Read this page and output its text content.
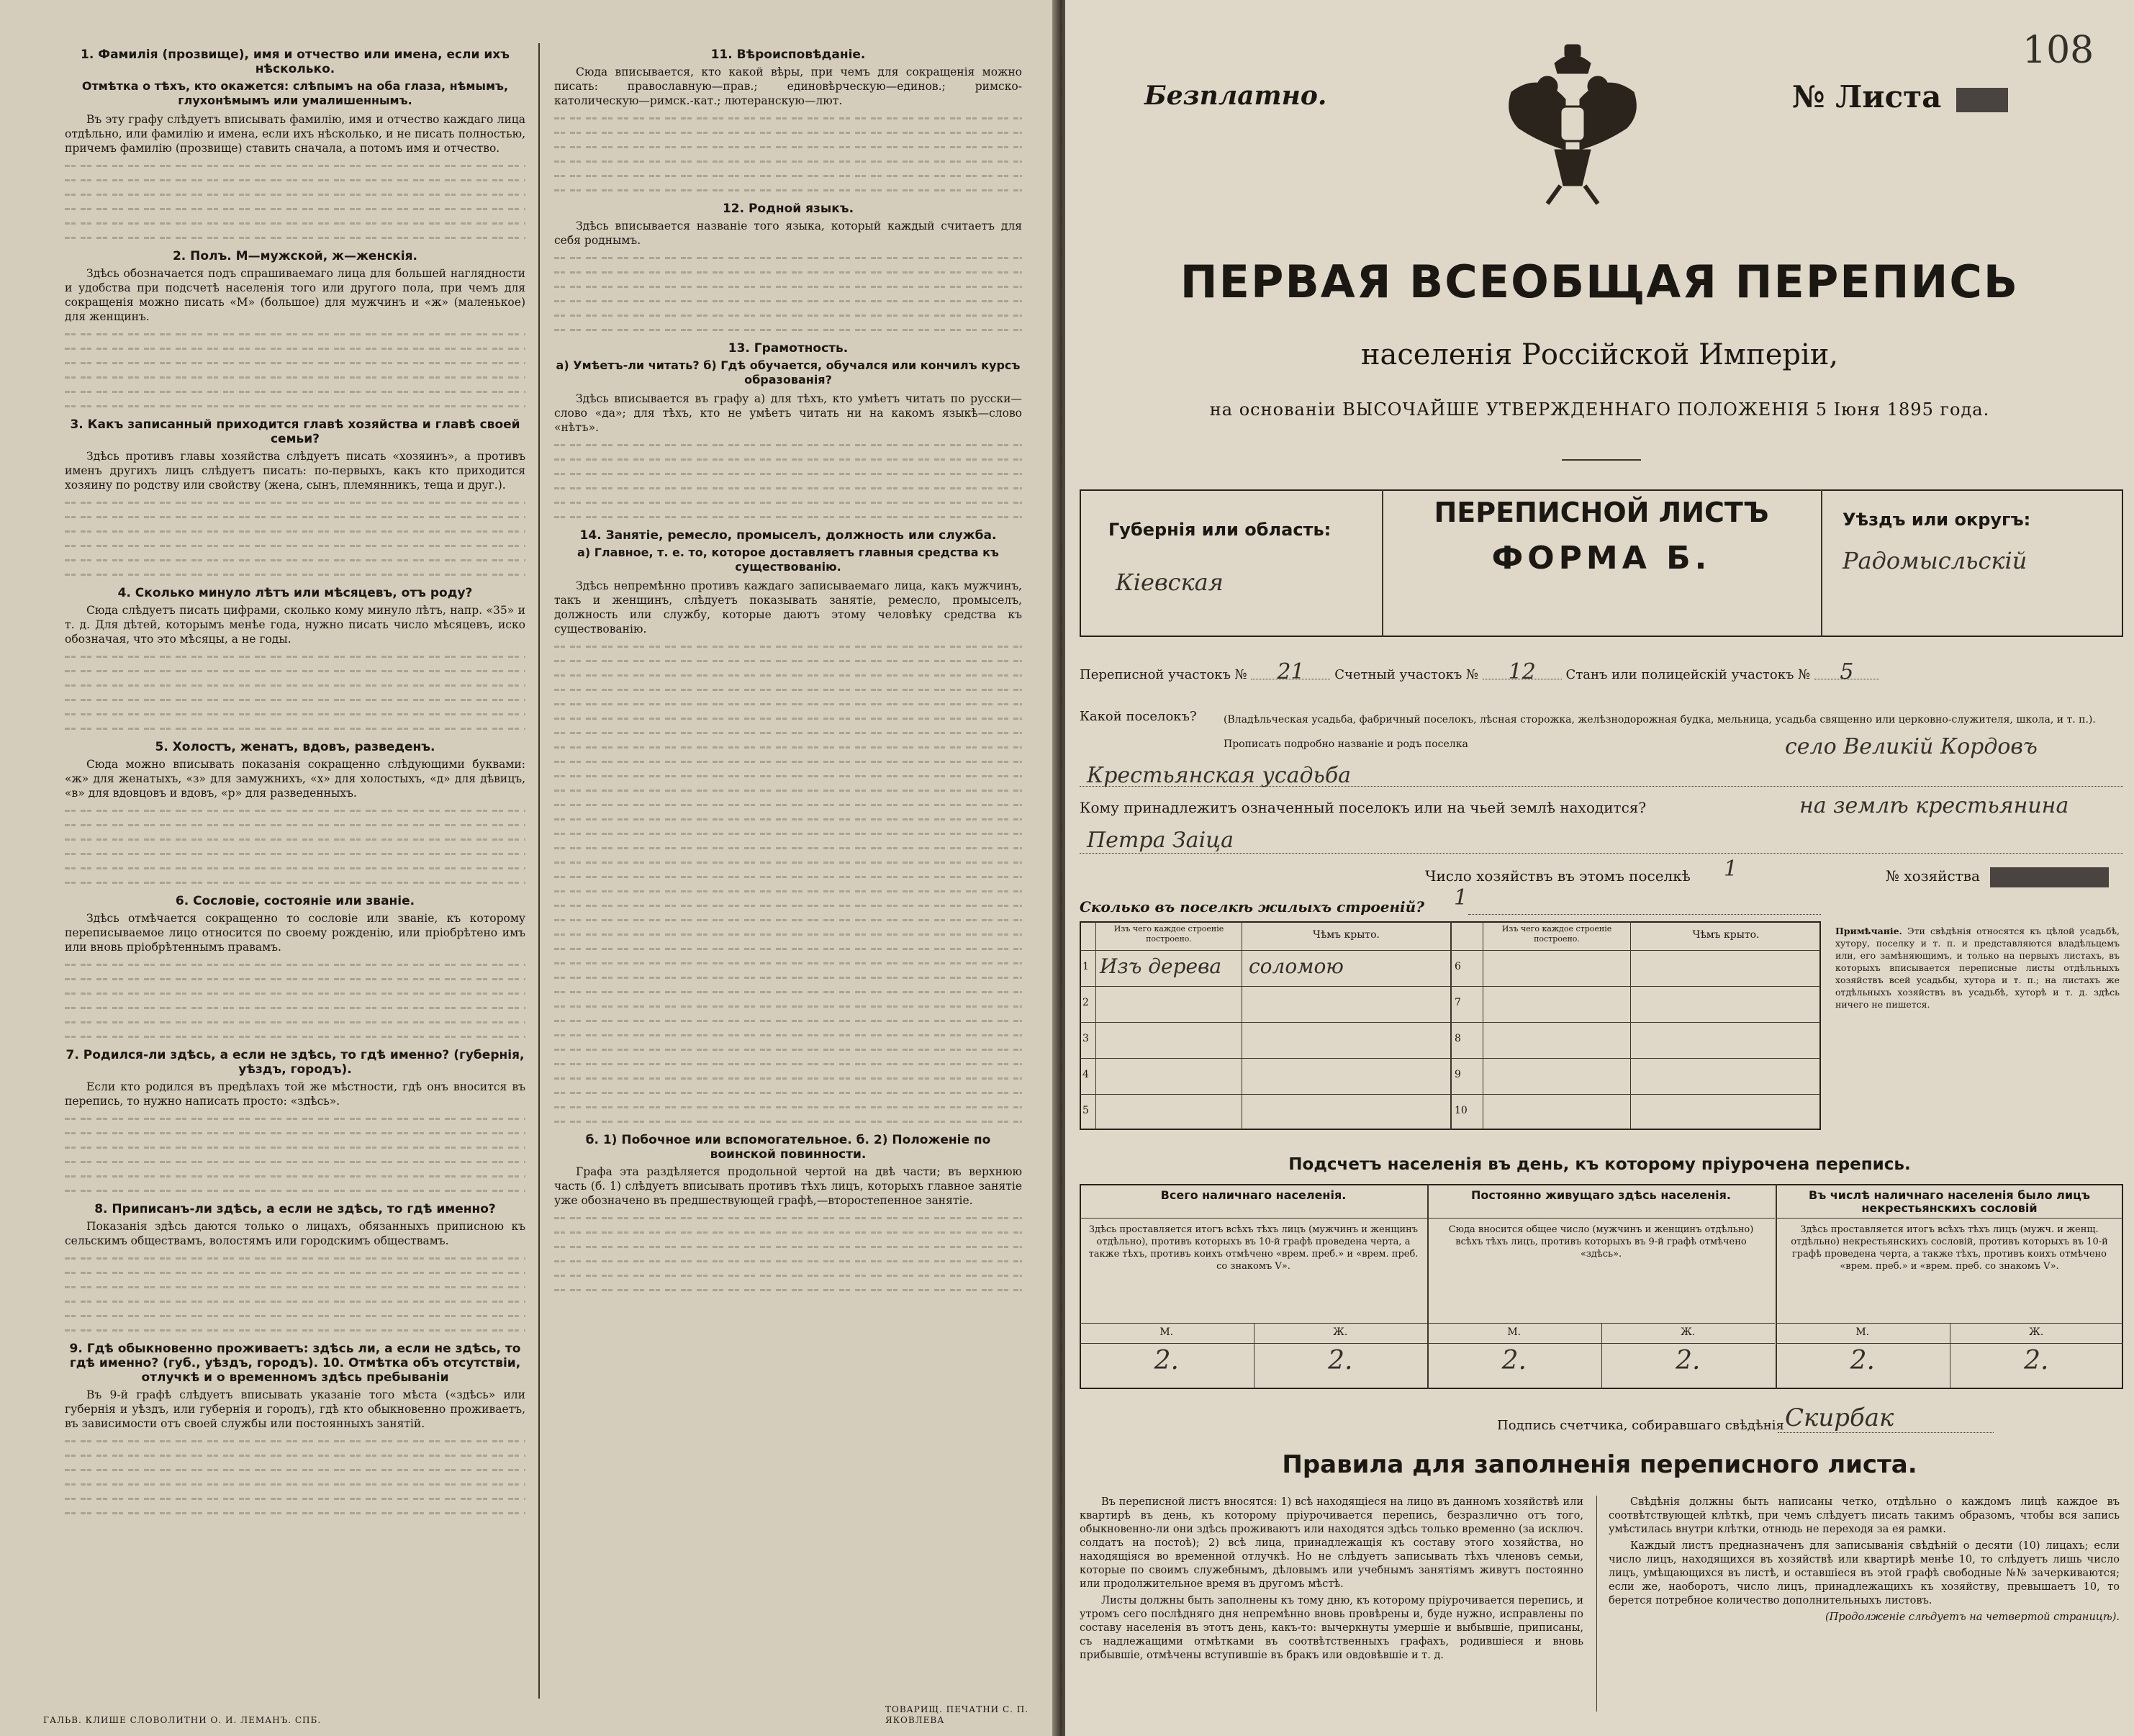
1. Фамилія (прозвище), имя и отчество или имена, если ихъ нѣсколько.
Отмѣтка о тѣхъ, кто окажется: слѣпымъ на оба глаза, нѣмымъ, глухонѣмымъ или умалишеннымъ.
Въ эту графу слѣдуетъ вписывать фамилію, имя и отчество каждаго лица отдѣльно, или фамилію и имена, если ихъ нѣсколько, и не писать полностью, причемъ фамилію (прозвище) ставить сначала, а потомъ имя и отчество.
2. Полъ. М—мужской, ж—женскія.
Здѣсь обозначается подъ спрашиваемаго лица для большей наглядности и удобства при подсчетѣ населенія того или другого пола, при чемъ для сокращенія можно писать «М» (большое) для мужчинъ и «ж» (маленькое) для женщинъ.
3. Какъ записанный приходится главѣ хозяйства и главѣ своей семьи?
Здѣсь противъ главы хозяйства слѣдуетъ писать «хозяинъ», а противъ именъ другихъ лицъ слѣдуетъ писать: по-первыхъ, какъ кто приходится хозяину по родству или свойству (жена, сынъ, племянникъ, теща и друг.).
4. Сколько минуло лѣтъ или мѣсяцевъ, отъ роду?
Сюда слѣдуетъ писать цифрами, сколько кому минуло лѣтъ, напр. «35» и т. д. Для дѣтей, которымъ менѣе года, нужно писать число мѣсяцевъ, иско обозначая, что это мѣсяцы, а не годы.
5. Холостъ, женатъ, вдовъ, разведенъ.
Сюда можно вписывать показанія сокращенно слѣдующими буквами: «ж» для женатыхъ, «з» для замужнихъ, «х» для холостыхъ, «д» для дѣвицъ, «в» для вдовцовъ и вдовъ, «р» для разведенныхъ.
6. Сословіе, состояніе или званіе.
Здѣсь отмѣчается сокращенно то сословіе или званіе, къ которому переписываемое лицо относится по своему рожденію, или пріобрѣтено имъ или вновь пріобрѣтеннымъ правамъ.
7. Родился-ли здѣсь, а если не здѣсь, то гдѣ именно? (губернія, уѣздъ, городъ).
Если кто родился въ предѣлахъ той же мѣстности, гдѣ онъ вносится въ перепись, то нужно написать просто: «здѣсь».
8. Приписанъ-ли здѣсь, а если не здѣсь, то гдѣ именно?
Показанія здѣсь даются только о лицахъ, обязанныхъ приписною къ сельскимъ обществамъ, волостямъ или городскимъ обществамъ.
9. Гдѣ обыкновенно проживаетъ: здѣсь ли, а если не здѣсь, то гдѣ именно? (губ., уѣздъ, городъ). 10. Отмѣтка объ отсутствіи, отлучкѣ и о временномъ здѣсь пребываніи
Въ 9-й графѣ слѣдуетъ вписывать указаніе того мѣста («здѣсь» или губернія и уѣздъ, или губернія и городъ), гдѣ кто обыкновенно проживаетъ, въ зависимости отъ своей службы или постоянныхъ занятій.
11. Вѣроисповѣданіе.
Сюда вписывается, кто какой вѣры, при чемъ для сокращенія можно писать: православную—прав.; единовѣрческую—единов.; римско-католическую—римск.-кат.; лютеранскую—лют.
12. Родной языкъ.
Здѣсь вписывается названіе того языка, который каждый считаетъ для себя роднымъ.
13. Грамотность.
а) Умѣетъ-ли читать? б) Гдѣ обучается, обучался или кончилъ курсъ образованія?
Здѣсь вписывается въ графу а) для тѣхъ, кто умѣетъ читать по русски—слово «да»; для тѣхъ, кто не умѣетъ читать ни на какомъ языкѣ—слово «нѣтъ».
14. Занятіе, ремесло, промыселъ, должность или служба.
а) Главное, т. е. то, которое доставляетъ главныя средства къ существованію.
Здѣсь непремѣнно противъ каждаго записываемаго лица, какъ мужчинъ, такъ и женщинъ, слѣдуетъ показывать занятіе, ремесло, промыселъ, должность или службу, которые даютъ этому человѣку средства къ существованію.
б. 1) Побочное или вспомогательное. б. 2) Положеніе по воинской повинности.
Графа эта раздѣляется продольной чертой на двѣ части; въ верхнюю часть (б. 1) слѣдуетъ вписывать противъ тѣхъ лицъ, которыхъ главное занятіе уже обозначено въ предшествующей графѣ,—второстепенное занятіе.
ГАЛЬВ. КЛИШЕ СЛОВОЛИТНИ О. И. ЛЕМАНЪ. СПБ.
ТОВАРИЩ. ПЕЧАТНИ С. П. ЯКОВЛЕВА
108
Безплатно.	№ Листа
ПЕРВАЯ ВСЕОБЩАЯ ПЕРЕПИСЬ
населенія Россійской Имперіи,
на основаніи ВЫСОЧАЙШЕ УТВЕРЖДЕННАГО ПОЛОЖЕНІЯ 5 Іюня 1895 года.
Губернія или область:
Кіевская
ПЕРЕПИСНОЙ ЛИСТЪ
ФОРМА Б.
Уѣздъ или округъ:
Радомысльскій
Переписной участокъ № 21 Счетный участокъ № 12 Станъ или полицейскій участокъ № 5
Какой поселокъ?	(Владѣльческая усадьба, фабричный поселокъ, лѣсная сторожка, желѣзнодорожная будка, мельница, усадьба священно или церковно-служителя, школа, и т. п.). Прописать подробно названіе и родъ поселка	село Великій Кордовъ
Крестьянская усадьба
Кому принадлежитъ означенный поселокъ или на чьей землѣ находится?	на землѣ крестьянина
Петра Заіца
Число хозяйствъ въ этомъ поселкѣ 1	№ хозяйства
Сколько въ поселкѣ жилыхъ строеній? 1
Изъ чего каждое строеніе построено.	Чѣмъ крыто.
Изъ чего каждое строеніе построено.	Чѣмъ крыто.
1 Изъ дерева соломою
2
3
4
5
6
7
8
9
10
Примѣчаніе. Эти свѣдѣнія относятся къ цѣлой усадьбѣ, хутору, поселку и т. п. и представляются владѣльцемъ или, его замѣняющимъ, и только на первыхъ листахъ, въ которыхъ вписывается переписные листы отдѣльныхъ хозяйствъ всей усадьбы, хутора и т. п.; на листахъ же отдѣльныхъ хозяйствъ въ усадьбѣ, хуторѣ и т. д. здѣсь ничего не пишется.
Подсчетъ населенія въ день, къ которому пріурочена перепись.
Всего наличнаго населенія.
Здѣсь проставляется итогъ всѣхъ тѣхъ лицъ (мужчинъ и женщинъ отдѣльно), противъ которыхъ въ 10-й графѣ проведена черта, а также тѣхъ, противъ коихъ отмѣчено «врем. преб.» и «врем. преб. со знакомъ V».
М.	Ж.
2.	2.
Постоянно живущаго здѣсь населенія.
Сюда вносится общее число (мужчинъ и женщинъ отдѣльно) всѣхъ тѣхъ лицъ, противъ которыхъ въ 9-й графѣ отмѣчено «здѣсь».
М.	Ж.
2.	2.
Въ числѣ наличнаго населенія было лицъ некрестьянскихъ сословій
Здѣсь проставляется итогъ всѣхъ тѣхъ лицъ (мужч. и женщ. отдѣльно) некрестьянскихъ сословій, противъ которыхъ въ 10-й графѣ проведена черта, а также тѣхъ, противъ коихъ отмѣчено «врем. преб.» и «врем. преб. со знакомъ V».
М.	Ж.
2.	2.
Подпись счетчика, собиравшаго свѣдѣнія Скирбак
Правила для заполненія переписного листа.
Въ переписной листъ вносятся: 1) всѣ находящіеся на лицо въ данномъ хозяйствѣ или квартирѣ въ день, къ которому пріурочивается перепись, безразлично отъ того, обыкновенно-ли они здѣсь проживаютъ или находятся здѣсь только временно (за исключ. солдатъ на постоѣ); 2) всѣ лица, принадлежащія къ составу этого хозяйства, но находящіяся во временной отлучкѣ. Но не слѣдуетъ записывать тѣхъ членовъ семьи, которые по своимъ служебнымъ, дѣловымъ или учебнымъ занятіямъ живутъ постоянно или продолжительное время въ другомъ мѣстѣ.
Листы должны быть заполнены къ тому дню, къ которому пріурочивается перепись, и утромъ сего послѣдняго дня непремѣнно вновь провѣрены и, буде нужно, исправлены по составу населенія въ этотъ день, какъ-то: вычеркнуты умершіе и выбывшіе, приписаны, съ надлежащими отмѣтками въ соотвѣтственныхъ графахъ, родившіеся и вновь прибывшіе, отмѣчены вступившіе въ бракъ или овдовѣвшіе и т. д.
Свѣдѣнія должны быть написаны четко, отдѣльно о каждомъ лицѣ каждое въ соотвѣтствующей клѣткѣ, при чемъ слѣдуетъ писать такимъ образомъ, чтобы вся запись умѣстилась внутри клѣтки, отнюдь не переходя за ея рамки.
Каждый листъ предназначенъ для записыванія свѣдѣній о десяти (10) лицахъ; если число лицъ, находящихся въ хозяйствѣ или квартирѣ менѣе 10, то слѣдуетъ лишь число лицъ, умѣщающихся въ листѣ, и оставшіеся въ этой графѣ свободные №№ зачеркиваются; если же, наоборотъ, число лицъ, принадлежащихъ къ хозяйству, превышаетъ 10, то берется потребное количество дополнительныхъ листовъ.
(Продолженіе слѣдуетъ на четвертой страницѣ).
